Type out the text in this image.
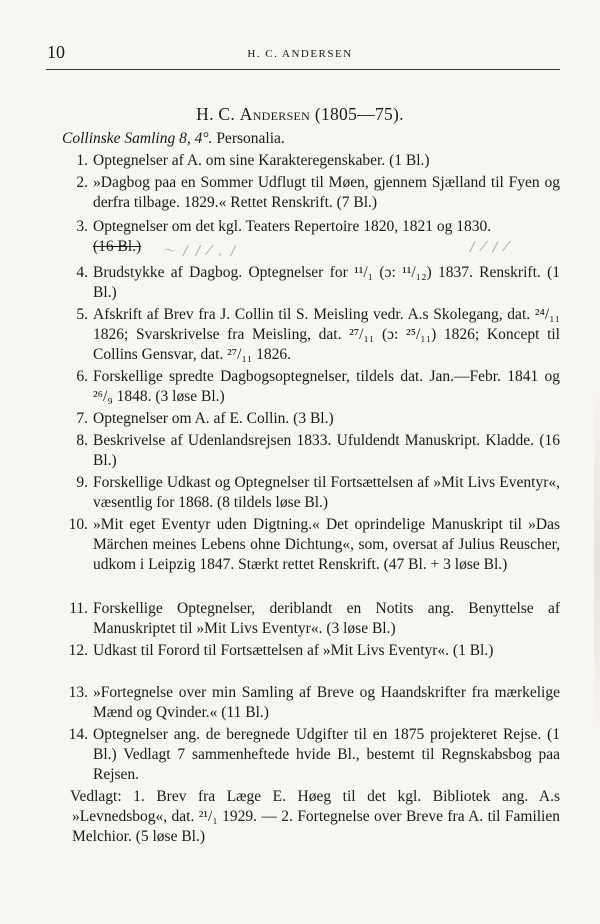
10	H. C. ANDERSEN
H. C. Andersen (1805—75).
Collinske Samling 8, 4°. Personalia.
1. Optegnelser af A. om sine Karakteregenskaber. (1 Bl.)
2. »Dagbog paa en Sommer Udflugt til Møen, gjennem Sjælland til Fyen og derfra tilbage. 1829.« Rettet Renskrift. (7 Bl.)
3. Optegnelser om det kgl. Teaters Repertoire 1820, 1821 og 1830.
(16 Bl.)	〜 ∕ ∕ ⁄ ‚ ∕	∕ ⁄ ∕ ⁄
4. Brudstykke af Dagbog. Optegnelser for ¹¹/₁ (ɔ: ¹¹/₁₂) 1837. Renskrift. (1 Bl.)
5. Afskrift af Brev fra J. Collin til S. Meisling vedr. A.s Skolegang, dat. ²⁴/₁₁ 1826; Svarskrivelse fra Meisling, dat. ²⁷/₁₁ (ɔ: ²⁵/₁₁) 1826; Koncept til Collins Gensvar, dat. ²⁷/₁₁ 1826.
6. Forskellige spredte Dagbogsoptegnelser, tildels dat. Jan.—Febr. 1841 og ²⁶/₉ 1848. (3 løse Bl.)
7. Optegnelser om A. af E. Collin. (3 Bl.)
8. Beskrivelse af Udenlandsrejsen 1833. Ufuldendt Manuskript. Kladde. (16 Bl.)
9. Forskellige Udkast og Optegnelser til Fortsættelsen af »Mit Livs Eventyr«, væsentlig for 1868. (8 tildels løse Bl.)
10. »Mit eget Eventyr uden Digtning.« Det oprindelige Manuskript til »Das Märchen meines Lebens ohne Dichtung«, som, oversat af Julius Reuscher, udkom i Leipzig 1847. Stærkt rettet Renskrift. (47 Bl. + 3 løse Bl.)
11. Forskellige Optegnelser, deriblandt en Notits ang. Benyttelse af Manuskriptet til »Mit Livs Eventyr«. (3 løse Bl.)
12. Udkast til Forord til Fortsættelsen af »Mit Livs Eventyr«. (1 Bl.)
13. »Fortegnelse over min Samling af Breve og Haandskrifter fra mærkelige Mænd og Qvinder.« (11 Bl.)
14. Optegnelser ang. de beregnede Udgifter til en 1875 projekteret Rejse. (1 Bl.) Vedlagt 7 sammenheftede hvide Bl., bestemt til Regnskabsbog paa Rejsen.
Vedlagt: 1. Brev fra Læge E. Høeg til det kgl. Bibliotek ang. A.s »Levnedsbog«, dat. ²¹/₁ 1929. — 2. Fortegnelse over Breve fra A. til Familien Melchior. (5 løse Bl.)
